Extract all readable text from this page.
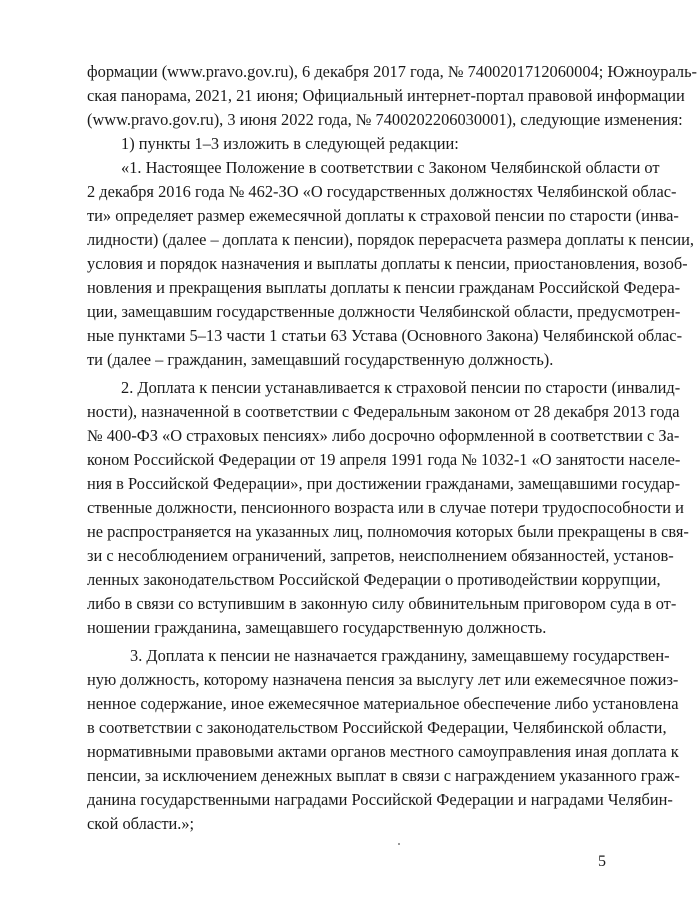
формации (www.pravo.gov.ru), 6 декабря 2017 года, № 7400201712060004; Южноураль-
ская панорама, 2021, 21 июня; Официальный интернет-портал правовой информации
(www.pravo.gov.ru), 3 июня 2022 года, № 7400202206030001), следующие изменения:
1) пункты 1–3 изложить в следующей редакции:
«1. Настоящее Положение в соответствии с Законом Челябинской области от
2 декабря 2016 года № 462-ЗО «О государственных должностях Челябинской облас-
ти» определяет размер ежемесячной доплаты к страховой пенсии по старости (инва-
лидности) (далее – доплата к пенсии), порядок перерасчета размера доплаты к пенсии,
условия и порядок назначения и выплаты доплаты к пенсии, приостановления, возоб-
новления и прекращения выплаты доплаты к пенсии гражданам Российской Федера-
ции, замещавшим государственные должности Челябинской области, предусмотрен-
ные пунктами 5–13 части 1 статьи 63 Устава (Основного Закона) Челябинской облас-
ти (далее – гражданин, замещавший государственную должность).
2. Доплата к пенсии устанавливается к страховой пенсии по старости (инвалид-
ности), назначенной в соответствии с Федеральным законом от 28 декабря 2013 года
№ 400-ФЗ «О страховых пенсиях» либо досрочно оформленной в соответствии с За-
коном Российской Федерации от 19 апреля 1991 года № 1032-1 «О занятости населе-
ния в Российской Федерации», при достижении гражданами, замещавшими государ-
ственные должности, пенсионного возраста или в случае потери трудоспособности и
не распространяется на указанных лиц, полномочия которых были прекращены в свя-
зи с несоблюдением ограничений, запретов, неисполнением обязанностей, установ-
ленных законодательством Российской Федерации о противодействии коррупции,
либо в связи со вступившим в законную силу обвинительным приговором суда в от-
ношении гражданина, замещавшего государственную должность.
3. Доплата к пенсии не назначается гражданину, замещавшему государствен-
ную должность, которому назначена пенсия за выслугу лет или ежемесячное пожиз-
ненное содержание, иное ежемесячное материальное обеспечение либо установлена
в соответствии с законодательством Российской Федерации, Челябинской области,
нормативными правовыми актами органов местного самоуправления иная доплата к
пенсии, за исключением денежных выплат в связи с награждением указанного граж-
данина государственными наградами Российской Федерации и наградами Челябин-
ской области.»;
5
